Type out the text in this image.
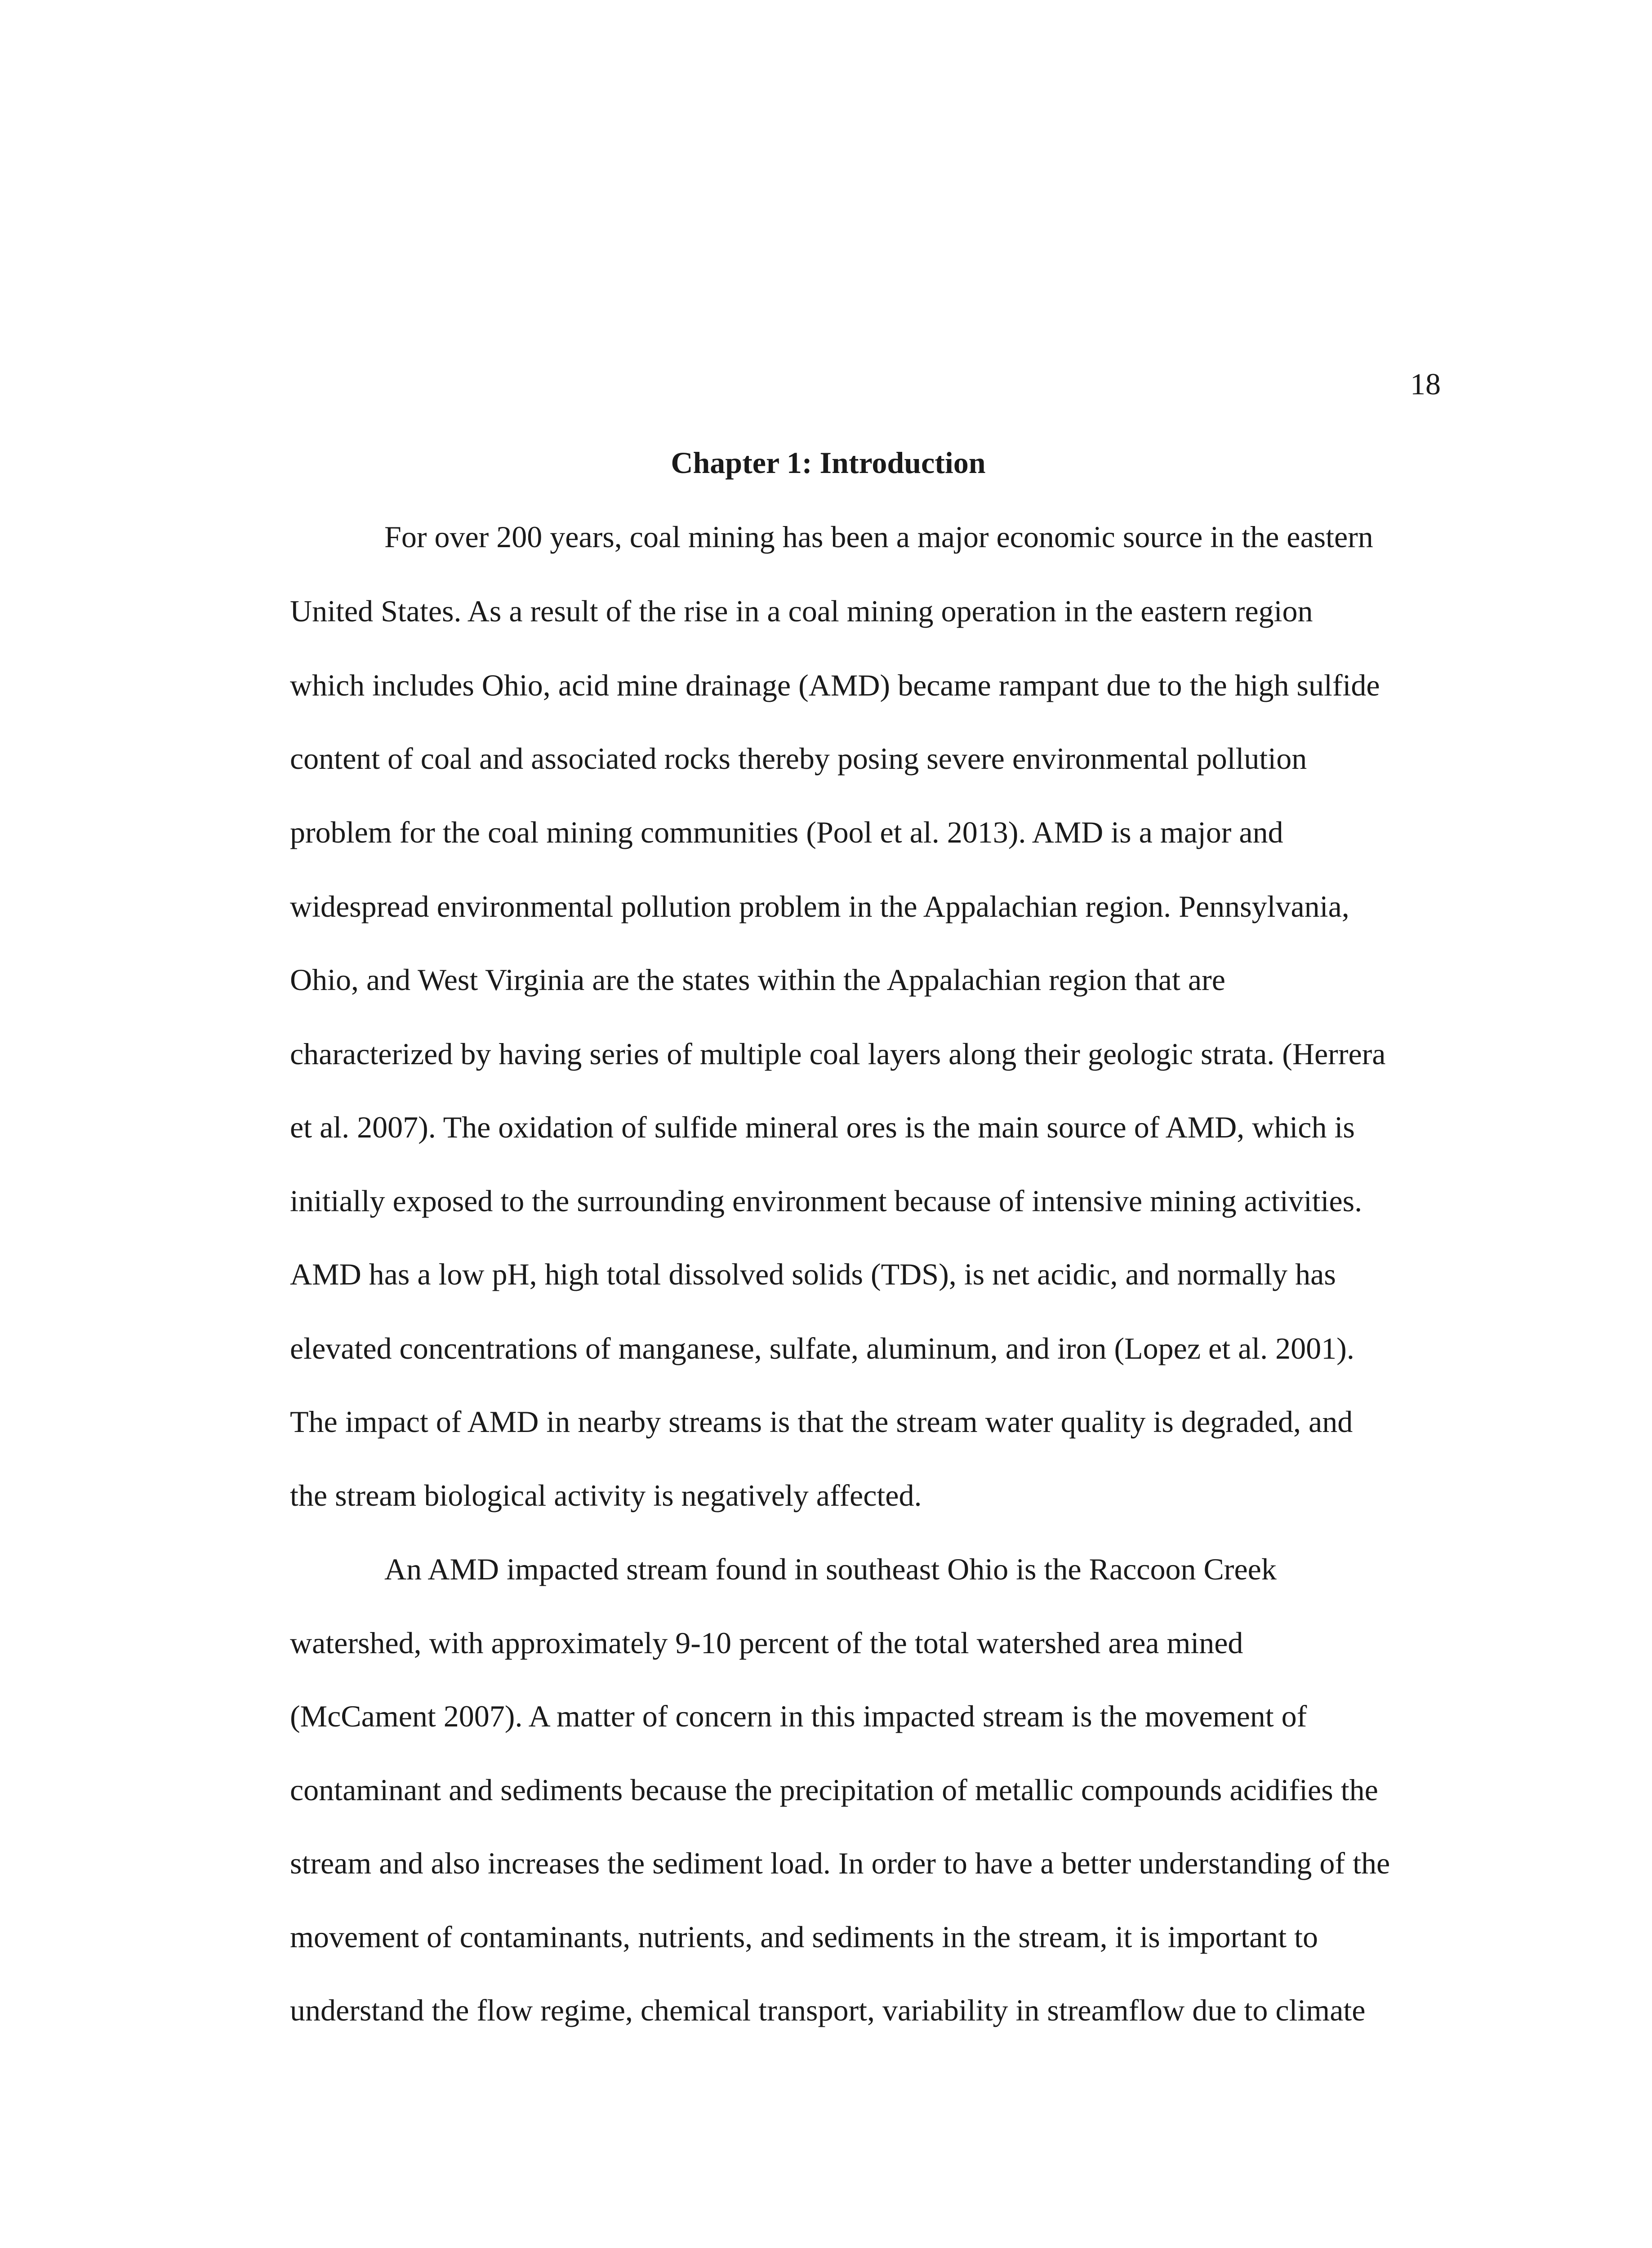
18
Chapter 1: Introduction
For over 200 years, coal mining has been a major economic source in the eastern
United States. As a result of the rise in a coal mining operation in the eastern region
which includes Ohio, acid mine drainage (AMD) became rampant due to the high sulfide
content of coal and associated rocks thereby posing severe environmental pollution
problem for the coal mining communities (Pool et al. 2013). AMD is a major and
widespread environmental pollution problem in the Appalachian region. Pennsylvania,
Ohio, and West Virginia are the states within the Appalachian region that are
characterized by having series of multiple coal layers along their geologic strata. (Herrera
et al. 2007). The oxidation of sulfide mineral ores is the main source of AMD, which is
initially exposed to the surrounding environment because of intensive mining activities.
AMD has a low pH, high total dissolved solids (TDS), is net acidic, and normally has
elevated concentrations of manganese, sulfate, aluminum, and iron (Lopez et al. 2001).
The impact of AMD in nearby streams is that the stream water quality is degraded, and
the stream biological activity is negatively affected.
An AMD impacted stream found in southeast Ohio is the Raccoon Creek
watershed, with approximately 9-10 percent of the total watershed area mined
(McCament 2007). A matter of concern in this impacted stream is the movement of
contaminant and sediments because the precipitation of metallic compounds acidifies the
stream and also increases the sediment load. In order to have a better understanding of the
movement of contaminants, nutrients, and sediments in the stream, it is important to
understand the flow regime, chemical transport, variability in streamflow due to climate
